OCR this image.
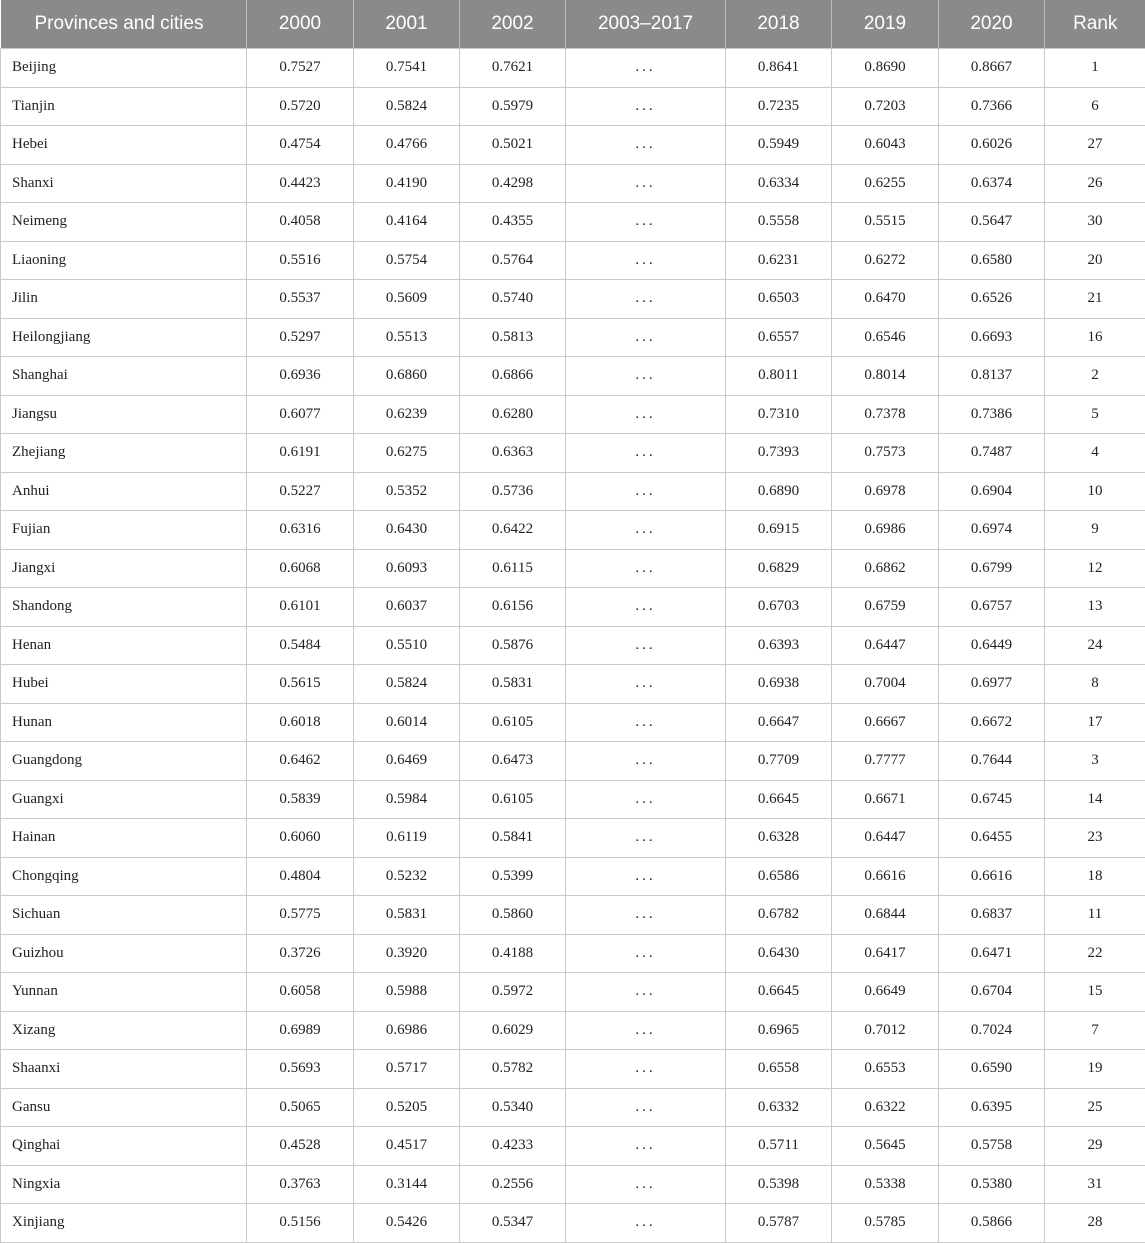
Provinces and cities	2000	2001	2002	2003–2017	2018	2019	2020	Rank
Beijing	0.7527	0.7541	0.7621	...	0.8641	0.8690	0.8667	1
Tianjin	0.5720	0.5824	0.5979	...	0.7235	0.7203	0.7366	6
Hebei	0.4754	0.4766	0.5021	...	0.5949	0.6043	0.6026	27
Shanxi	0.4423	0.4190	0.4298	...	0.6334	0.6255	0.6374	26
Neimeng	0.4058	0.4164	0.4355	...	0.5558	0.5515	0.5647	30
Liaoning	0.5516	0.5754	0.5764	...	0.6231	0.6272	0.6580	20
Jilin	0.5537	0.5609	0.5740	...	0.6503	0.6470	0.6526	21
Heilongjiang	0.5297	0.5513	0.5813	...	0.6557	0.6546	0.6693	16
Shanghai	0.6936	0.6860	0.6866	...	0.8011	0.8014	0.8137	2
Jiangsu	0.6077	0.6239	0.6280	...	0.7310	0.7378	0.7386	5
Zhejiang	0.6191	0.6275	0.6363	...	0.7393	0.7573	0.7487	4
Anhui	0.5227	0.5352	0.5736	...	0.6890	0.6978	0.6904	10
Fujian	0.6316	0.6430	0.6422	...	0.6915	0.6986	0.6974	9
Jiangxi	0.6068	0.6093	0.6115	...	0.6829	0.6862	0.6799	12
Shandong	0.6101	0.6037	0.6156	...	0.6703	0.6759	0.6757	13
Henan	0.5484	0.5510	0.5876	...	0.6393	0.6447	0.6449	24
Hubei	0.5615	0.5824	0.5831	...	0.6938	0.7004	0.6977	8
Hunan	0.6018	0.6014	0.6105	...	0.6647	0.6667	0.6672	17
Guangdong	0.6462	0.6469	0.6473	...	0.7709	0.7777	0.7644	3
Guangxi	0.5839	0.5984	0.6105	...	0.6645	0.6671	0.6745	14
Hainan	0.6060	0.6119	0.5841	...	0.6328	0.6447	0.6455	23
Chongqing	0.4804	0.5232	0.5399	...	0.6586	0.6616	0.6616	18
Sichuan	0.5775	0.5831	0.5860	...	0.6782	0.6844	0.6837	11
Guizhou	0.3726	0.3920	0.4188	...	0.6430	0.6417	0.6471	22
Yunnan	0.6058	0.5988	0.5972	...	0.6645	0.6649	0.6704	15
Xizang	0.6989	0.6986	0.6029	...	0.6965	0.7012	0.7024	7
Shaanxi	0.5693	0.5717	0.5782	...	0.6558	0.6553	0.6590	19
Gansu	0.5065	0.5205	0.5340	...	0.6332	0.6322	0.6395	25
Qinghai	0.4528	0.4517	0.4233	...	0.5711	0.5645	0.5758	29
Ningxia	0.3763	0.3144	0.2556	...	0.5398	0.5338	0.5380	31
Xinjiang	0.5156	0.5426	0.5347	...	0.5787	0.5785	0.5866	28
